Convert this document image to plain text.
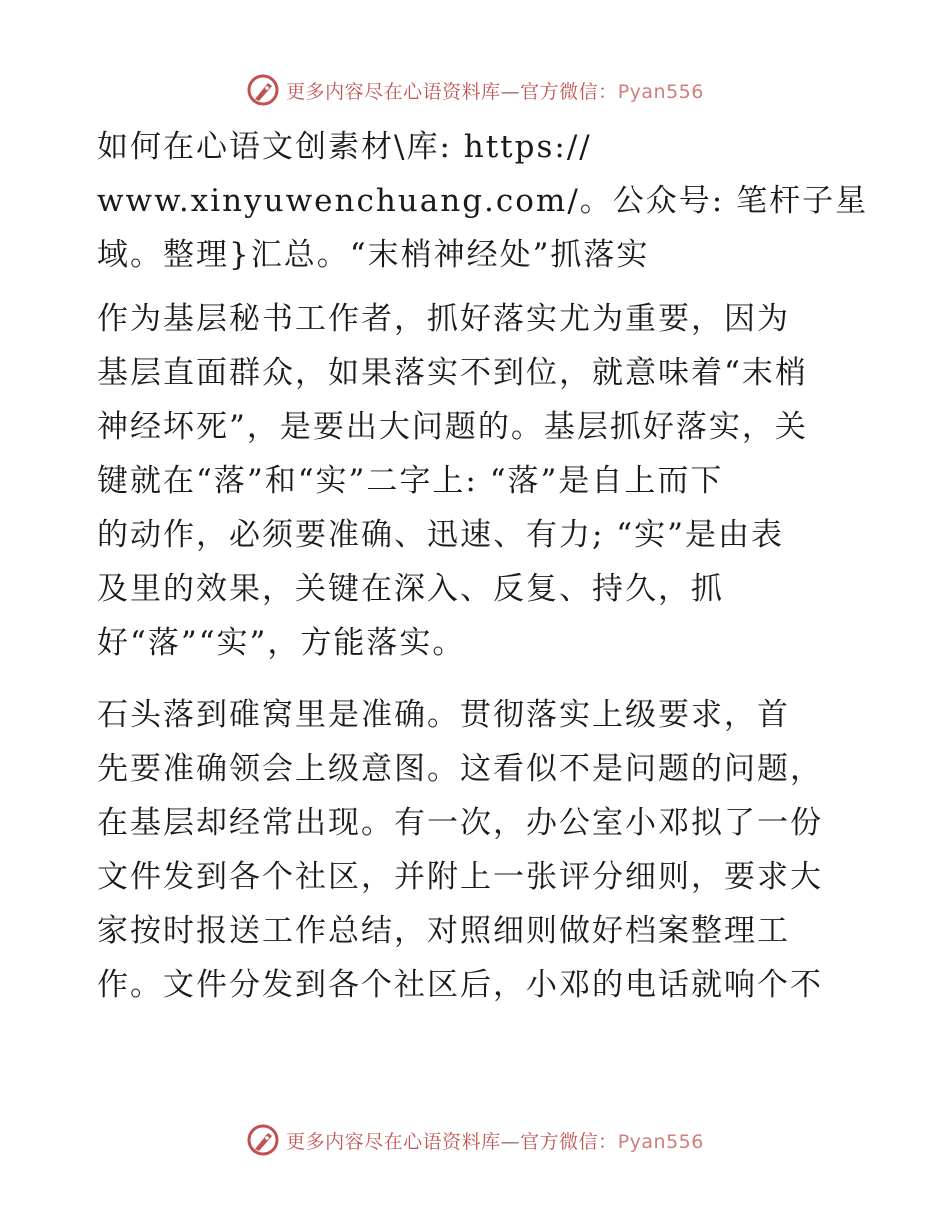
更多内容尽在心语资料库—官方微信：Pyan556
如何在心语文创素材\库: https://
www.xinyuwenchuang.com/。公众号: 笔杆子星
域。整理}汇总。“末梢神经处”抓落实
作为基层秘书工作者，抓好落实尤为重要，因为
基层直面群众，如果落实不到位，就意味着“末梢
神经坏死”，是要出大问题的。基层抓好落实，关
键就在“落”和“实”二字上: “落”是自上而下
的动作，必须要准确、迅速、有力; “实”是由表
及里的效果，关键在深入、反复、持久，抓
好“落”“实”，方能落实。
石头落到碓窝里是准确。贯彻落实上级要求，首
先要准确领会上级意图。这看似不是问题的问题，
在基层却经常出现。有一次，办公室小邓拟了一份
文件发到各个社区，并附上一张评分细则，要求大
家按时报送工作总结，对照细则做好档案整理工
作。文件分发到各个社区后，小邓的电话就响个不
更多内容尽在心语资料库—官方微信：Pyan556
